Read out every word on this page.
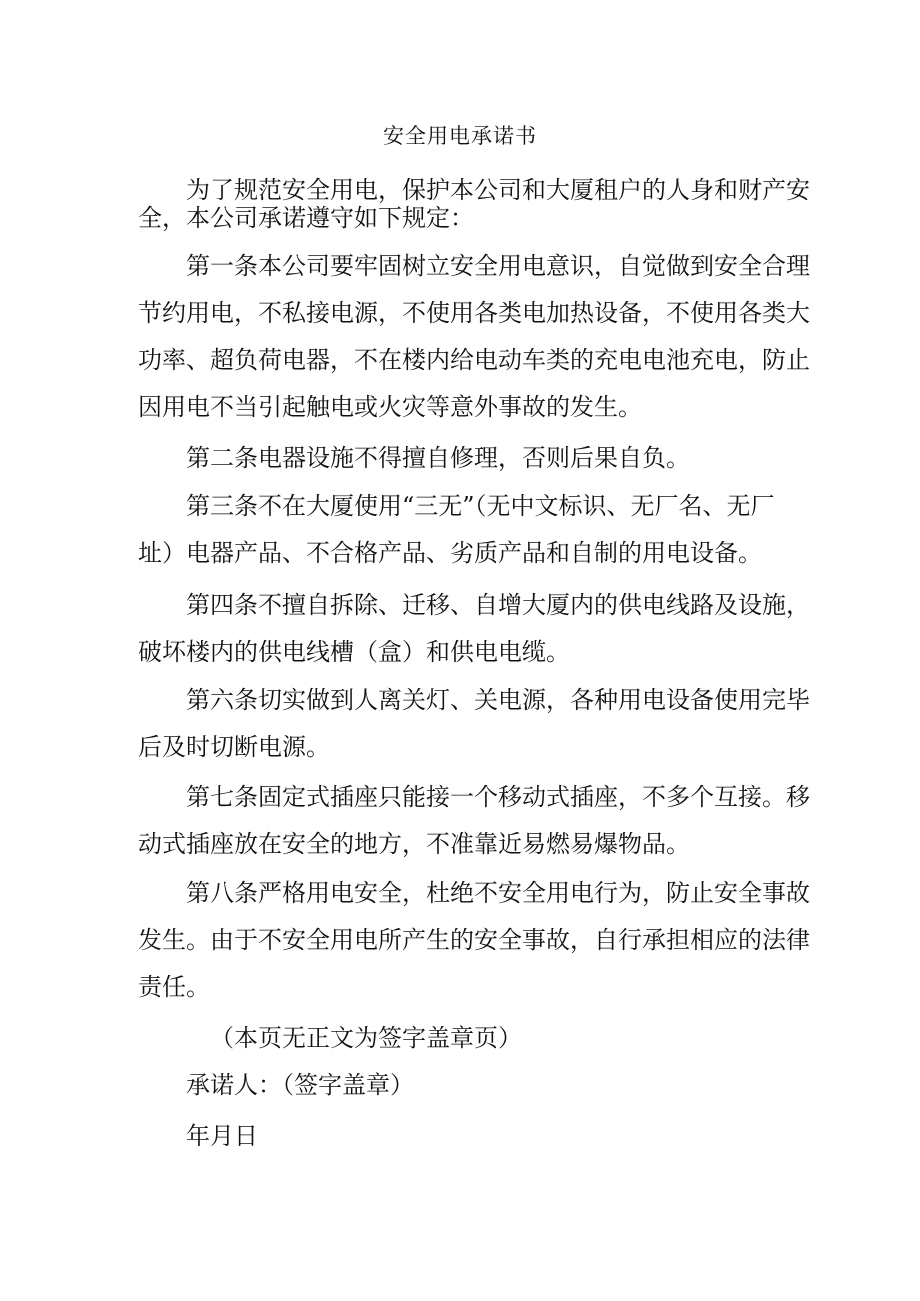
安全用电承诺书
为了规范安全用电，保护本公司和大厦租户的人身和财产安
全，本公司承诺遵守如下规定：
第一条本公司要牢固树立安全用电意识，自觉做到安全合理
节约用电，不私接电源，不使用各类电加热设备，不使用各类大
功率、超负荷电器，不在楼内给电动车类的充电电池充电，防止
因用电不当引起触电或火灾等意外事故的发生。
第二条电器设施不得擅自修理，否则后果自负。
第三条不在大厦使用“三无”（无中文标识、无厂名、无厂
址）电器产品、不合格产品、劣质产品和自制的用电设备。
第四条不擅自拆除、迁移、自增大厦内的供电线路及设施，
破坏楼内的供电线槽（盒）和供电电缆。
第六条切实做到人离关灯、关电源，各种用电设备使用完毕
后及时切断电源。
第七条固定式插座只能接一个移动式插座，不多个互接。移
动式插座放在安全的地方，不准靠近易燃易爆物品。
第八条严格用电安全，杜绝不安全用电行为，防止安全事故
发生。由于不安全用电所产生的安全事故，自行承担相应的法律
责任。
（本页无正文为签字盖章页）
承诺人：（签字盖章）
年月日
